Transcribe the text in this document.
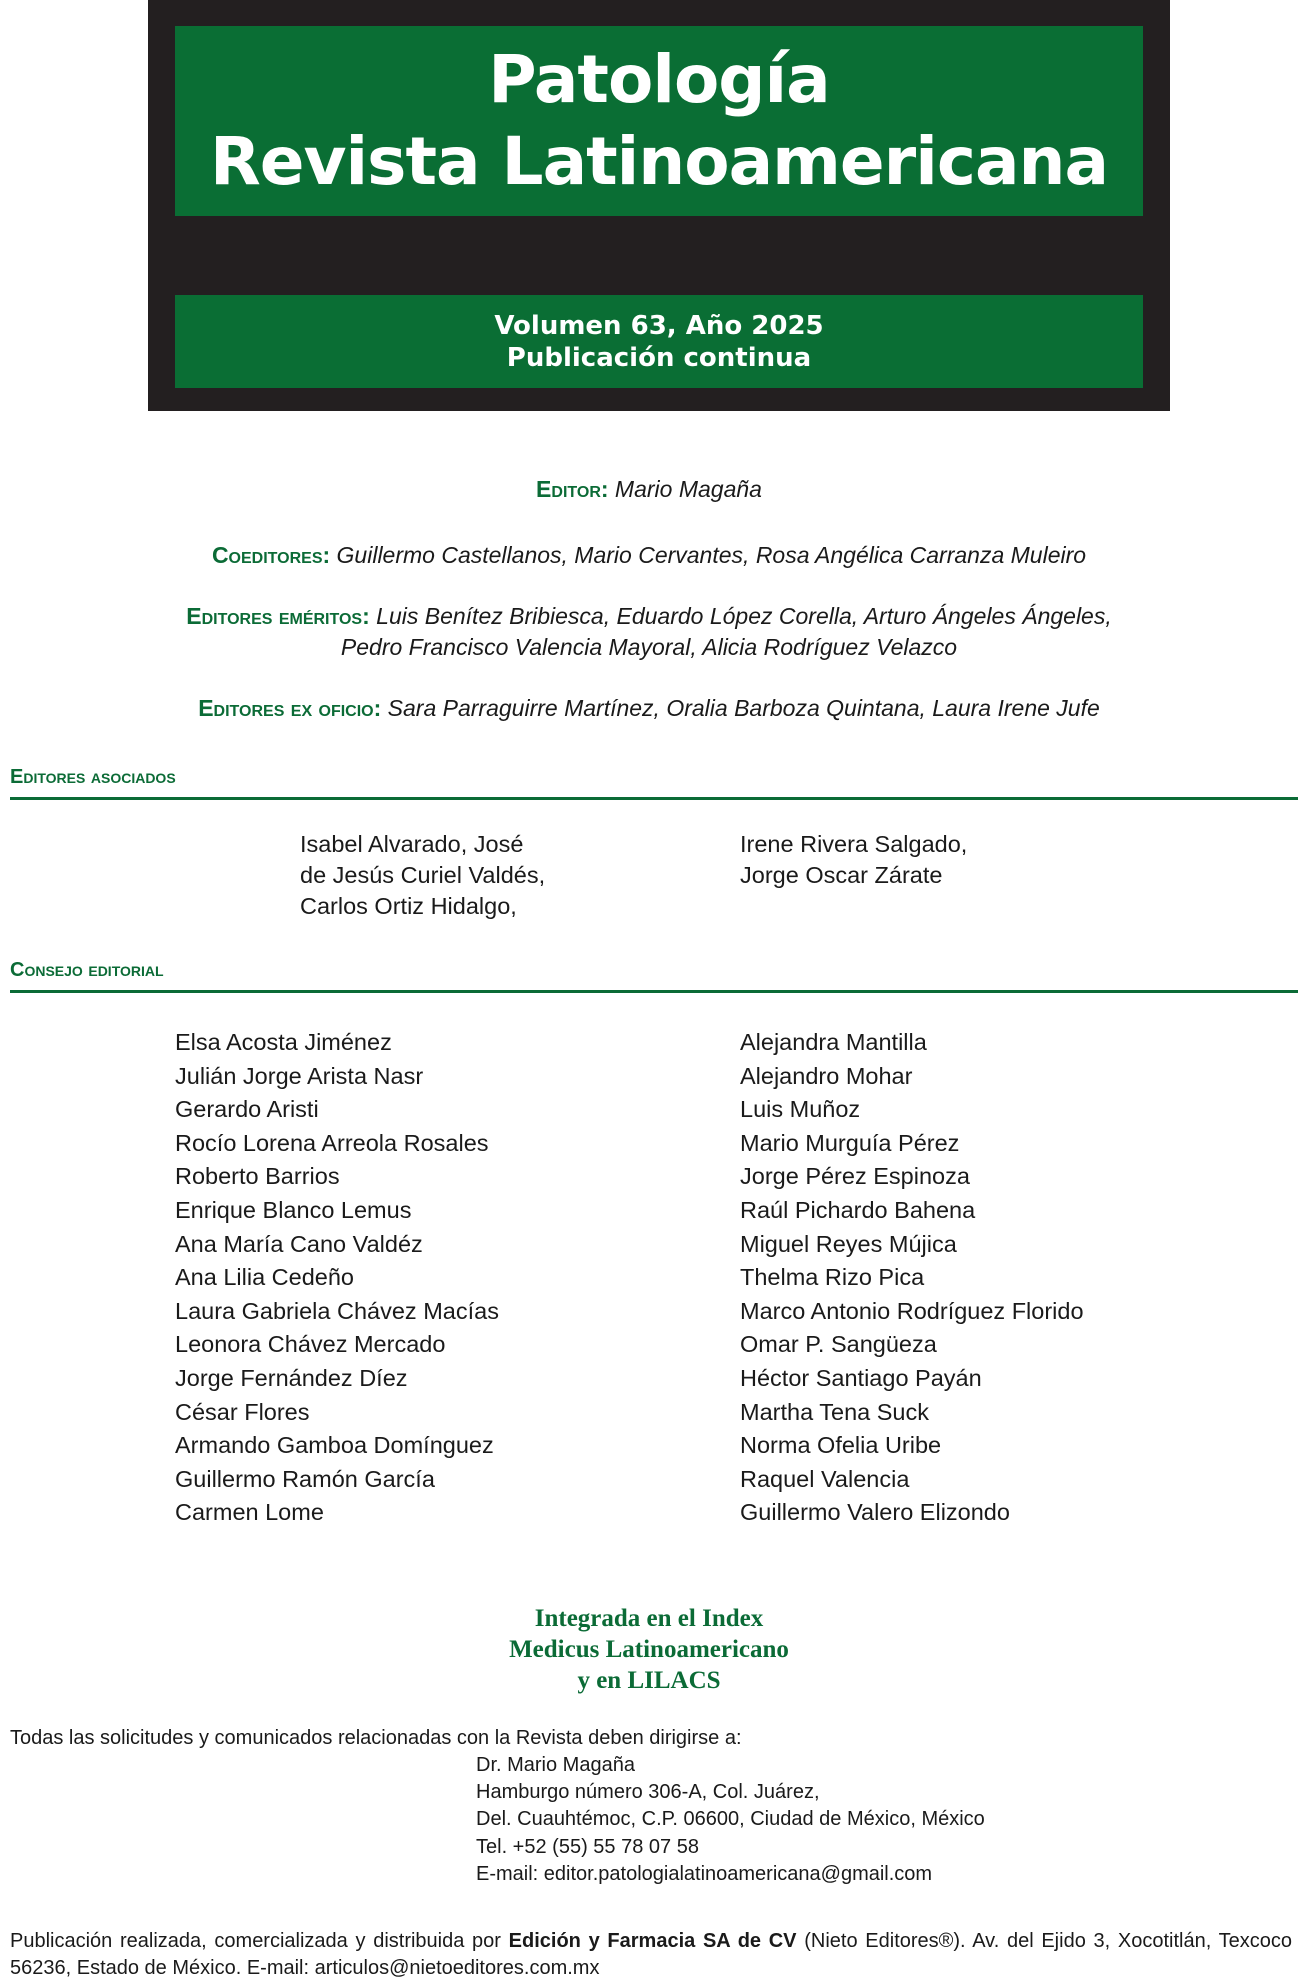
Patología
Revista Latinoamericana
Volumen 63, Año 2025
Publicación continua
Editor: Mario Magaña
Coeditores: Guillermo Castellanos, Mario Cervantes, Rosa Angélica Carranza Muleiro
Editores eméritos: Luis Benítez Bribiesca, Eduardo López Corella, Arturo Ángeles Ángeles,
Pedro Francisco Valencia Mayoral, Alicia Rodríguez Velazco
Editores ex oficio: Sara Parraguirre Martínez, Oralia Barboza Quintana, Laura Irene Jufe
Editores asociados
Isabel Alvarado, José
de Jesús Curiel Valdés,
Carlos Ortiz Hidalgo,
Irene Rivera Salgado,
Jorge Oscar Zárate
Consejo editorial
Elsa Acosta Jiménez
Julián Jorge Arista Nasr
Gerardo Aristi
Rocío Lorena Arreola Rosales
Roberto Barrios
Enrique Blanco Lemus
Ana María Cano Valdéz
Ana Lilia Cedeño
Laura Gabriela Chávez Macías
Leonora Chávez Mercado
Jorge Fernández Díez
César Flores
Armando Gamboa Domínguez
Guillermo Ramón García
Carmen Lome
Alejandra Mantilla
Alejandro Mohar
Luis Muñoz
Mario Murguía Pérez
Jorge Pérez Espinoza
Raúl Pichardo Bahena
Miguel Reyes Mújica
Thelma Rizo Pica
Marco Antonio Rodríguez Florido
Omar P. Sangüeza
Héctor Santiago Payán
Martha Tena Suck
Norma Ofelia Uribe
Raquel Valencia
Guillermo Valero Elizondo
Integrada en el Index
Medicus Latinoamericano
y en LILACS
Todas las solicitudes y comunicados relacionadas con la Revista deben dirigirse a:
Dr. Mario Magaña
Hamburgo número 306-A, Col. Juárez,
Del. Cuauhtémoc, C.P. 06600, Ciudad de México, México
Tel. +52 (55) 55 78 07 58
E-mail: editor.patologialatinoamericana@gmail.com
Publicación realizada, comercializada y distribuida por Edición y Farmacia SA de CV (Nieto Editores®). Av. del Ejido 3, Xocotitlán, Texcoco 56236, Estado de México. E-mail: articulos@nietoeditores.com.mx
